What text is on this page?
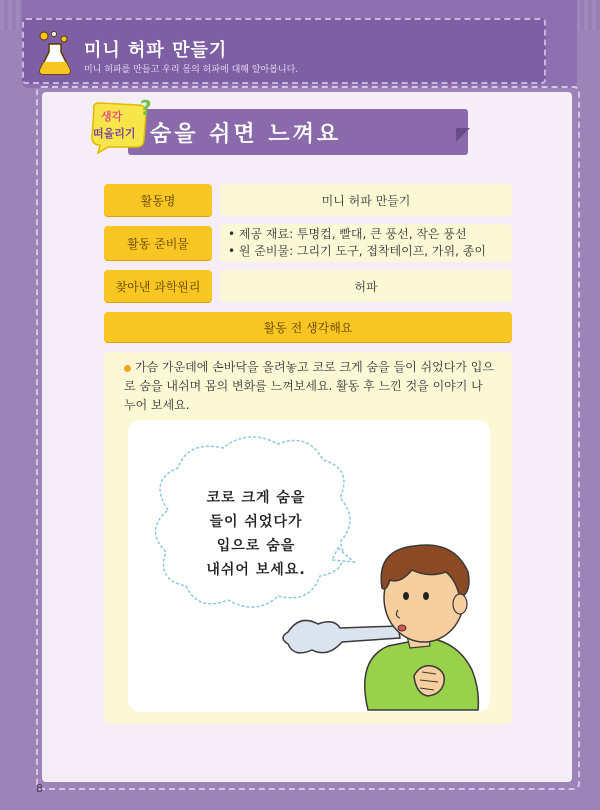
미니 허파 만들기
미니 허파를 만들고 우리 몸의 허파에 대해 알아봅니다.
숨을 쉬면 느껴요
?
생각
떠올리기
활동명	미니 허파 만들기
활동 준비물
• 제공 재료: 투명컵, 빨대, 큰 풍선, 작은 풍선
• 원 준비물: 그리기 도구, 접착테이프, 가위, 종이
찾아낸 과학원리	허파
활동 전 생각해요
가슴 가운데에 손바닥을 올려놓고 코로 크게 숨을 들이 쉬었다가 입으
로 숨을 내쉬며 몸의 변화를 느껴보세요. 활동 후 느낀 것을 이야기 나
누어 보세요.
코로 크게 숨을
들이 쉬었다가
입으로 숨을
내쉬어 보세요.
8
